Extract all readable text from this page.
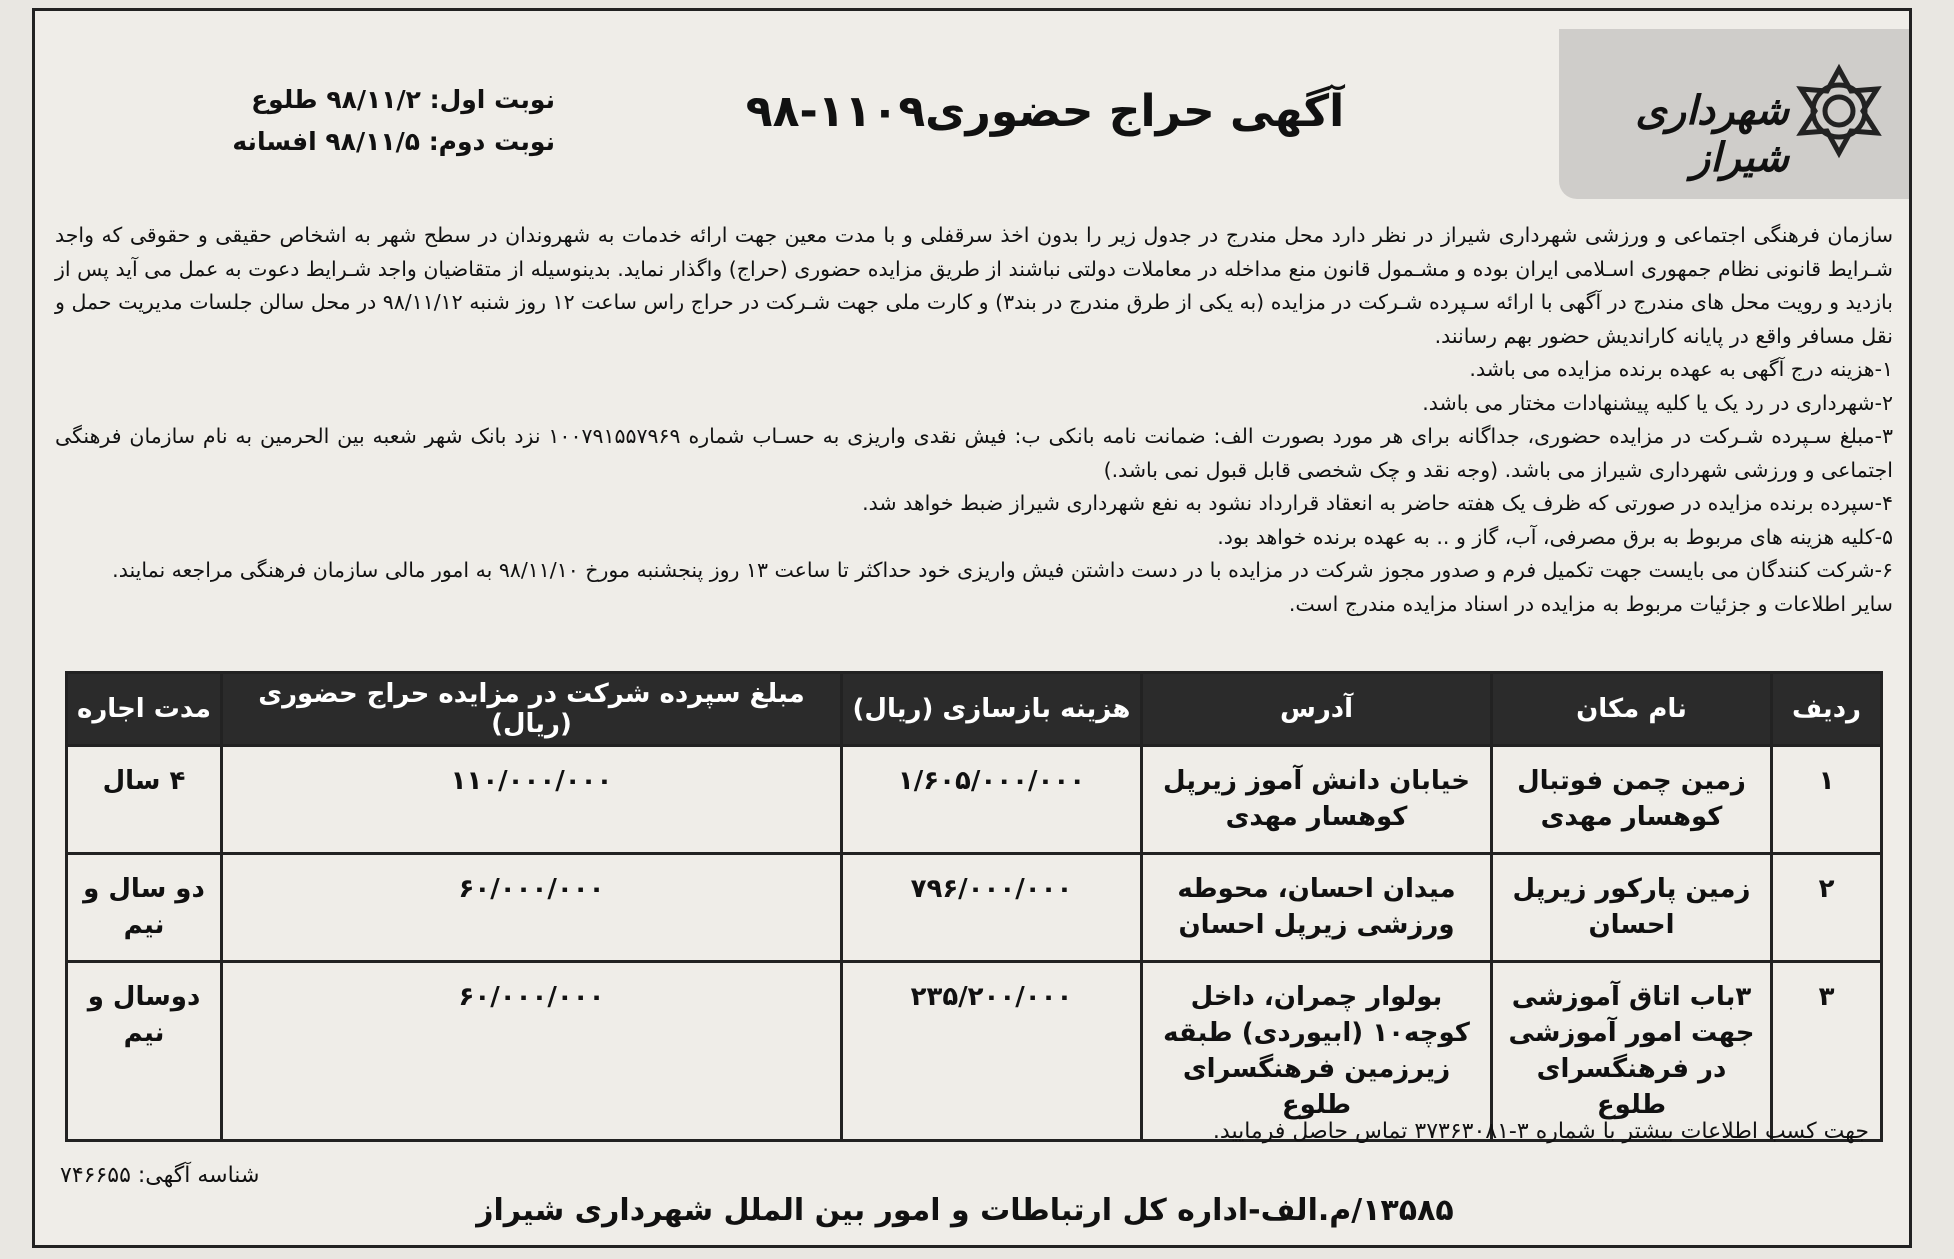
شهرداری شیراز
آگهی حراج حضوری۱۱۰۹-۹۸
نوبت اول: ۹۸/۱۱/۲ طلوع
نوبت دوم: ۹۸/۱۱/۵ افسانه

سازمان فرهنگی اجتماعی و ورزشی شهرداری شیراز در نظر دارد محل مندرج در جدول زیر را بدون اخذ سرقفلی و با مدت معین جهت ارائه خدمات به شهروندان در سطح شهر به اشخاص حقیقی و حقوقی که واجد شـرایط قانونی نظام جمهوری اسـلامی ایران بوده و مشـمول قانون منع مداخله در معاملات دولتی نباشند از طریق مزایده حضوری (حراج) واگذار نماید. بدینوسیله از متقاضیان واجد شـرایط دعوت به عمل می آید پس از بازدید و رویت محل های مندرج در آگهی با ارائه سـپرده شـرکت در مزایده (به یکی از طرق مندرج در بند۳) و کارت ملی جهت شـرکت در حراج راس ساعت ۱۲ روز شنبه ۹۸/۱۱/۱۲ در محل سالن جلسات مدیریت حمل و نقل مسافر واقع در پایانه کاراندیش حضور بهم رسانند.

۱-هزینه درج آگهی به عهده برنده مزایده می باشد.

۲-شهرداری در رد یک یا کلیه پیشنهادات مختار می باشد.

۳-مبلغ سـپرده شـرکت در مزایده حضوری، جداگانه برای هر مورد بصورت الف: ضمانت نامه بانکی ب: فیش نقدی واریزی به حسـاب شماره ۱۰۰۷۹۱۵۵۷۹۶۹ نزد بانک شهر شعبه بین الحرمین به نام سازمان فرهنگی اجتماعی و ورزشی شهرداری شیراز می باشد. (وجه نقد و چک شخصی قابل قبول نمی باشد.)

۴-سپرده برنده مزایده در صورتی که ظرف یک هفته حاضر به انعقاد قرارداد نشود به نفع شهرداری شیراز ضبط خواهد شد.

۵-کلیه هزینه های مربوط به برق مصرفی، آب، گاز و .. به عهده برنده خواهد بود.

۶-شرکت کنندگان می بایست جهت تکمیل فرم و صدور مجوز شرکت در مزایده با در دست داشتن فیش واریزی خود حداکثر تا ساعت ۱۳ روز پنجشنبه مورخ ۹۸/۱۱/۱۰ به امور مالی سازمان فرهنگی مراجعه نمایند.

سایر اطلاعات و جزئیات مربوط به مزایده در اسناد مزایده مندرج است.

ردیف	نام مکان	آدرس	هزینه بازسازی (ریال)	مبلغ سپرده شرکت در مزایده حراج حضوری (ریال)	مدت اجاره
۱	زمین چمن فوتبال کوهسار مهدی	خیابان دانش آموز زیرپل کوهسار مهدی	۱/۶۰۵/۰۰۰/۰۰۰	۱۱۰/۰۰۰/۰۰۰	۴ سال
۲	زمین پارکور زیرپل احسان	میدان احسان، محوطه ورزشی زیرپل احسان	۷۹۶/۰۰۰/۰۰۰	۶۰/۰۰۰/۰۰۰	دو سال و نیم
۳	۳باب اتاق آموزشی جهت امور آموزشی در فرهنگسرای طلوع	بولوار چمران، داخل کوچه۱۰ (ابیوردی) طبقه زیرزمین فرهنگسرای طلوع	۲۳۵/۲۰۰/۰۰۰	۶۰/۰۰۰/۰۰۰	دوسال و نیم
جهت کسب اطلاعات بیشتر با شماره ۳-۳۷۳۶۳۰۸۱ تماس حاصل فرمایید.
شناسه آگهی: ۷۴۶۶۵۵
۱۳۵۸۵/م.الف-اداره کل ارتباطات و امور بین الملل شهرداری شیراز
